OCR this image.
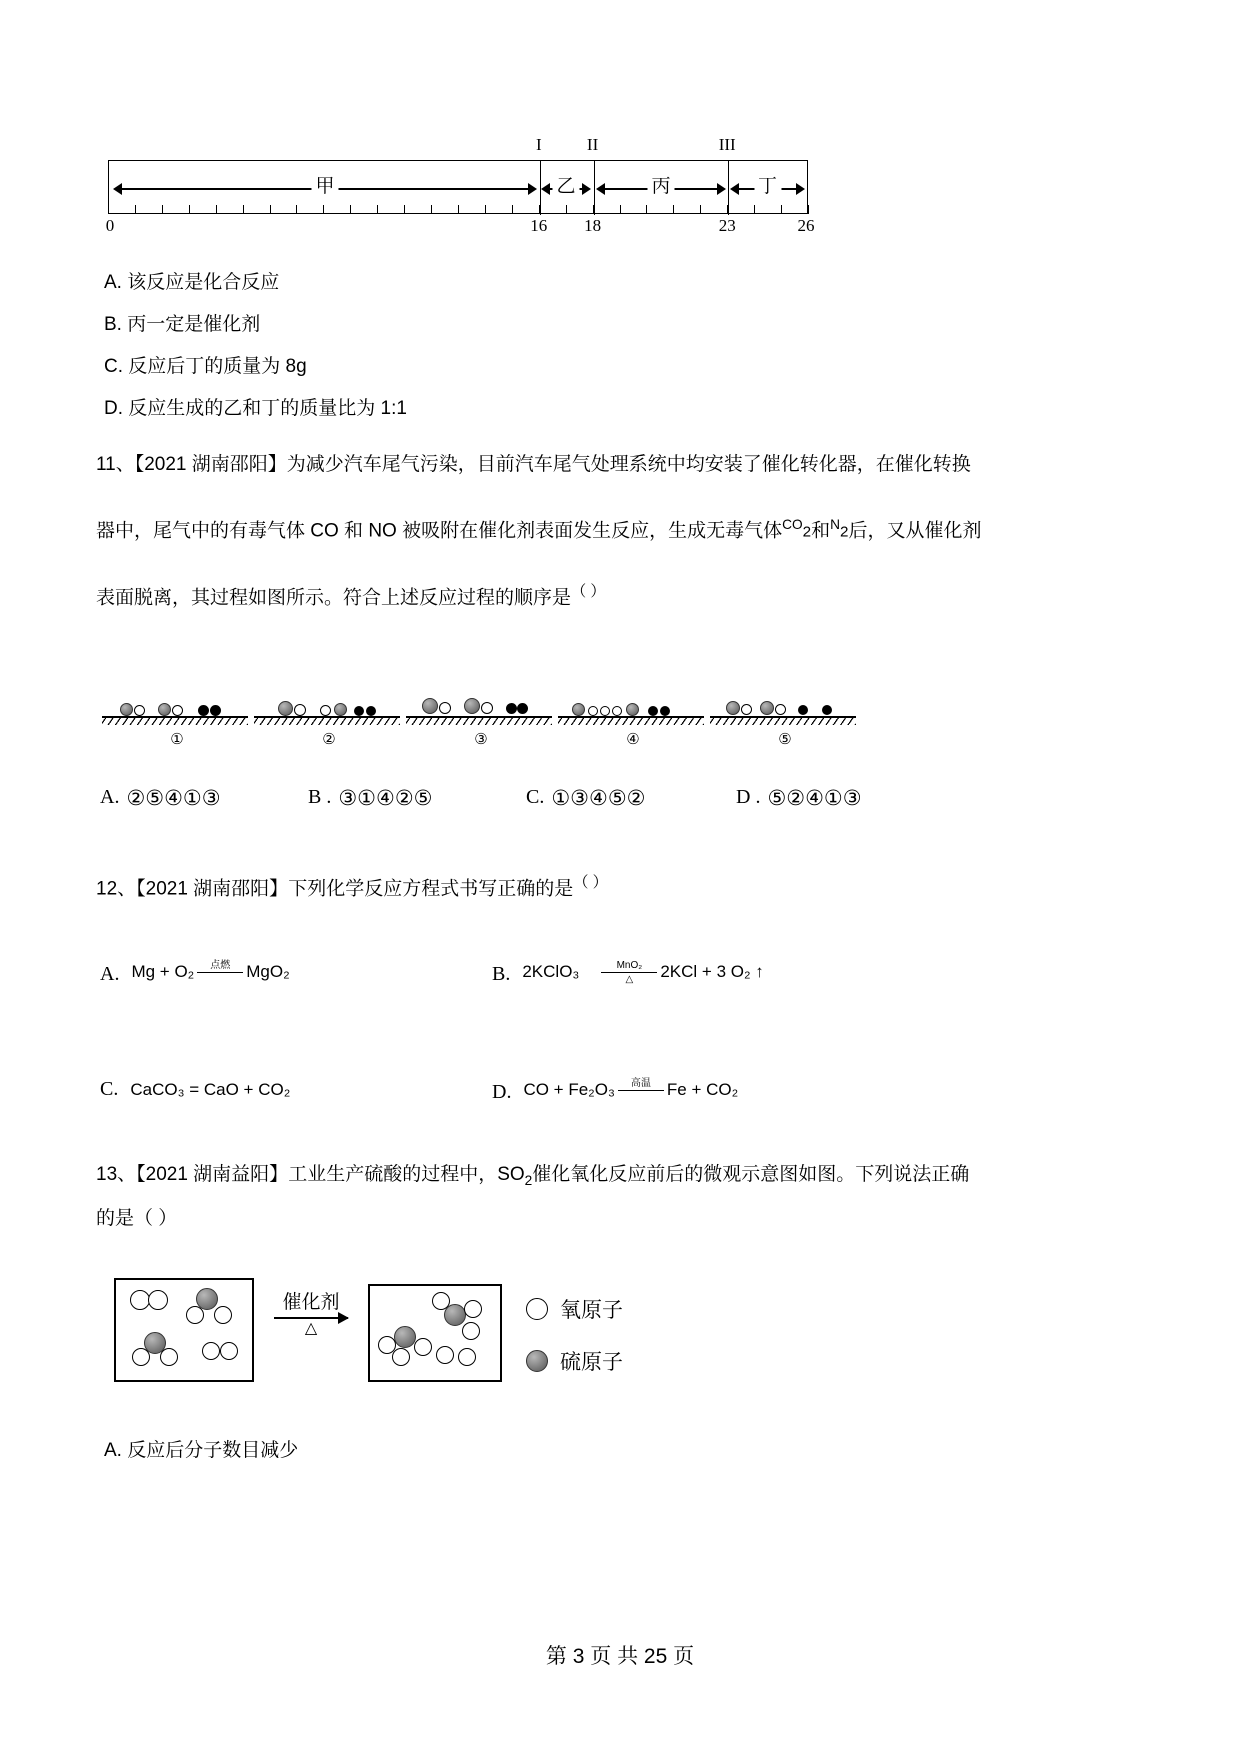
I	II	III
甲	乙	丙	丁
0	16 18	23	26

A. 该反应是化合反应

B. 丙一定是催化剂

C. 反应后丁的质量为 8g

D. 反应生成的乙和丁的质量比为 1:1

11、【2021 湖南邵阳】为减少汽车尾气污染，目前汽车尾气处理系统中均安装了催化转化器，在催化转换

器中，尾气中的有毒气体 CO 和 NO 被吸附在催化剂表面发生反应，生成无毒气体$^{CO}$2和$^N$2后，又从催化剂

表面脱离，其过程如图所示。符合上述反应过程的顺序是（ ）

①	②	③	④	⑤
A. ②⑤④①③	B . ③①④②⑤	C. ①③④⑤②	D . ⑤②④①③

12、【2021 湖南邵阳】下列化学反应方程式书写正确的是（ ）

A. Mg + O₂ 点燃 MgO₂	B. 2KClO₃	MnO₂
△ 2KCl + 3 O₂ ↑
C. CaCO₃ = CaO + CO₂	D. CO + Fe₂O₃ 高温 Fe + CO₂

13、【2021 湖南益阳】工业生产硫酸的过程中，$SO_2$催化氧化反应前后的微观示意图如图。下列说法正确

的是（ ）

催化剂
△
氧原子
硫原子

A. 反应后分子数目减少

第 3 页 共 25 页
